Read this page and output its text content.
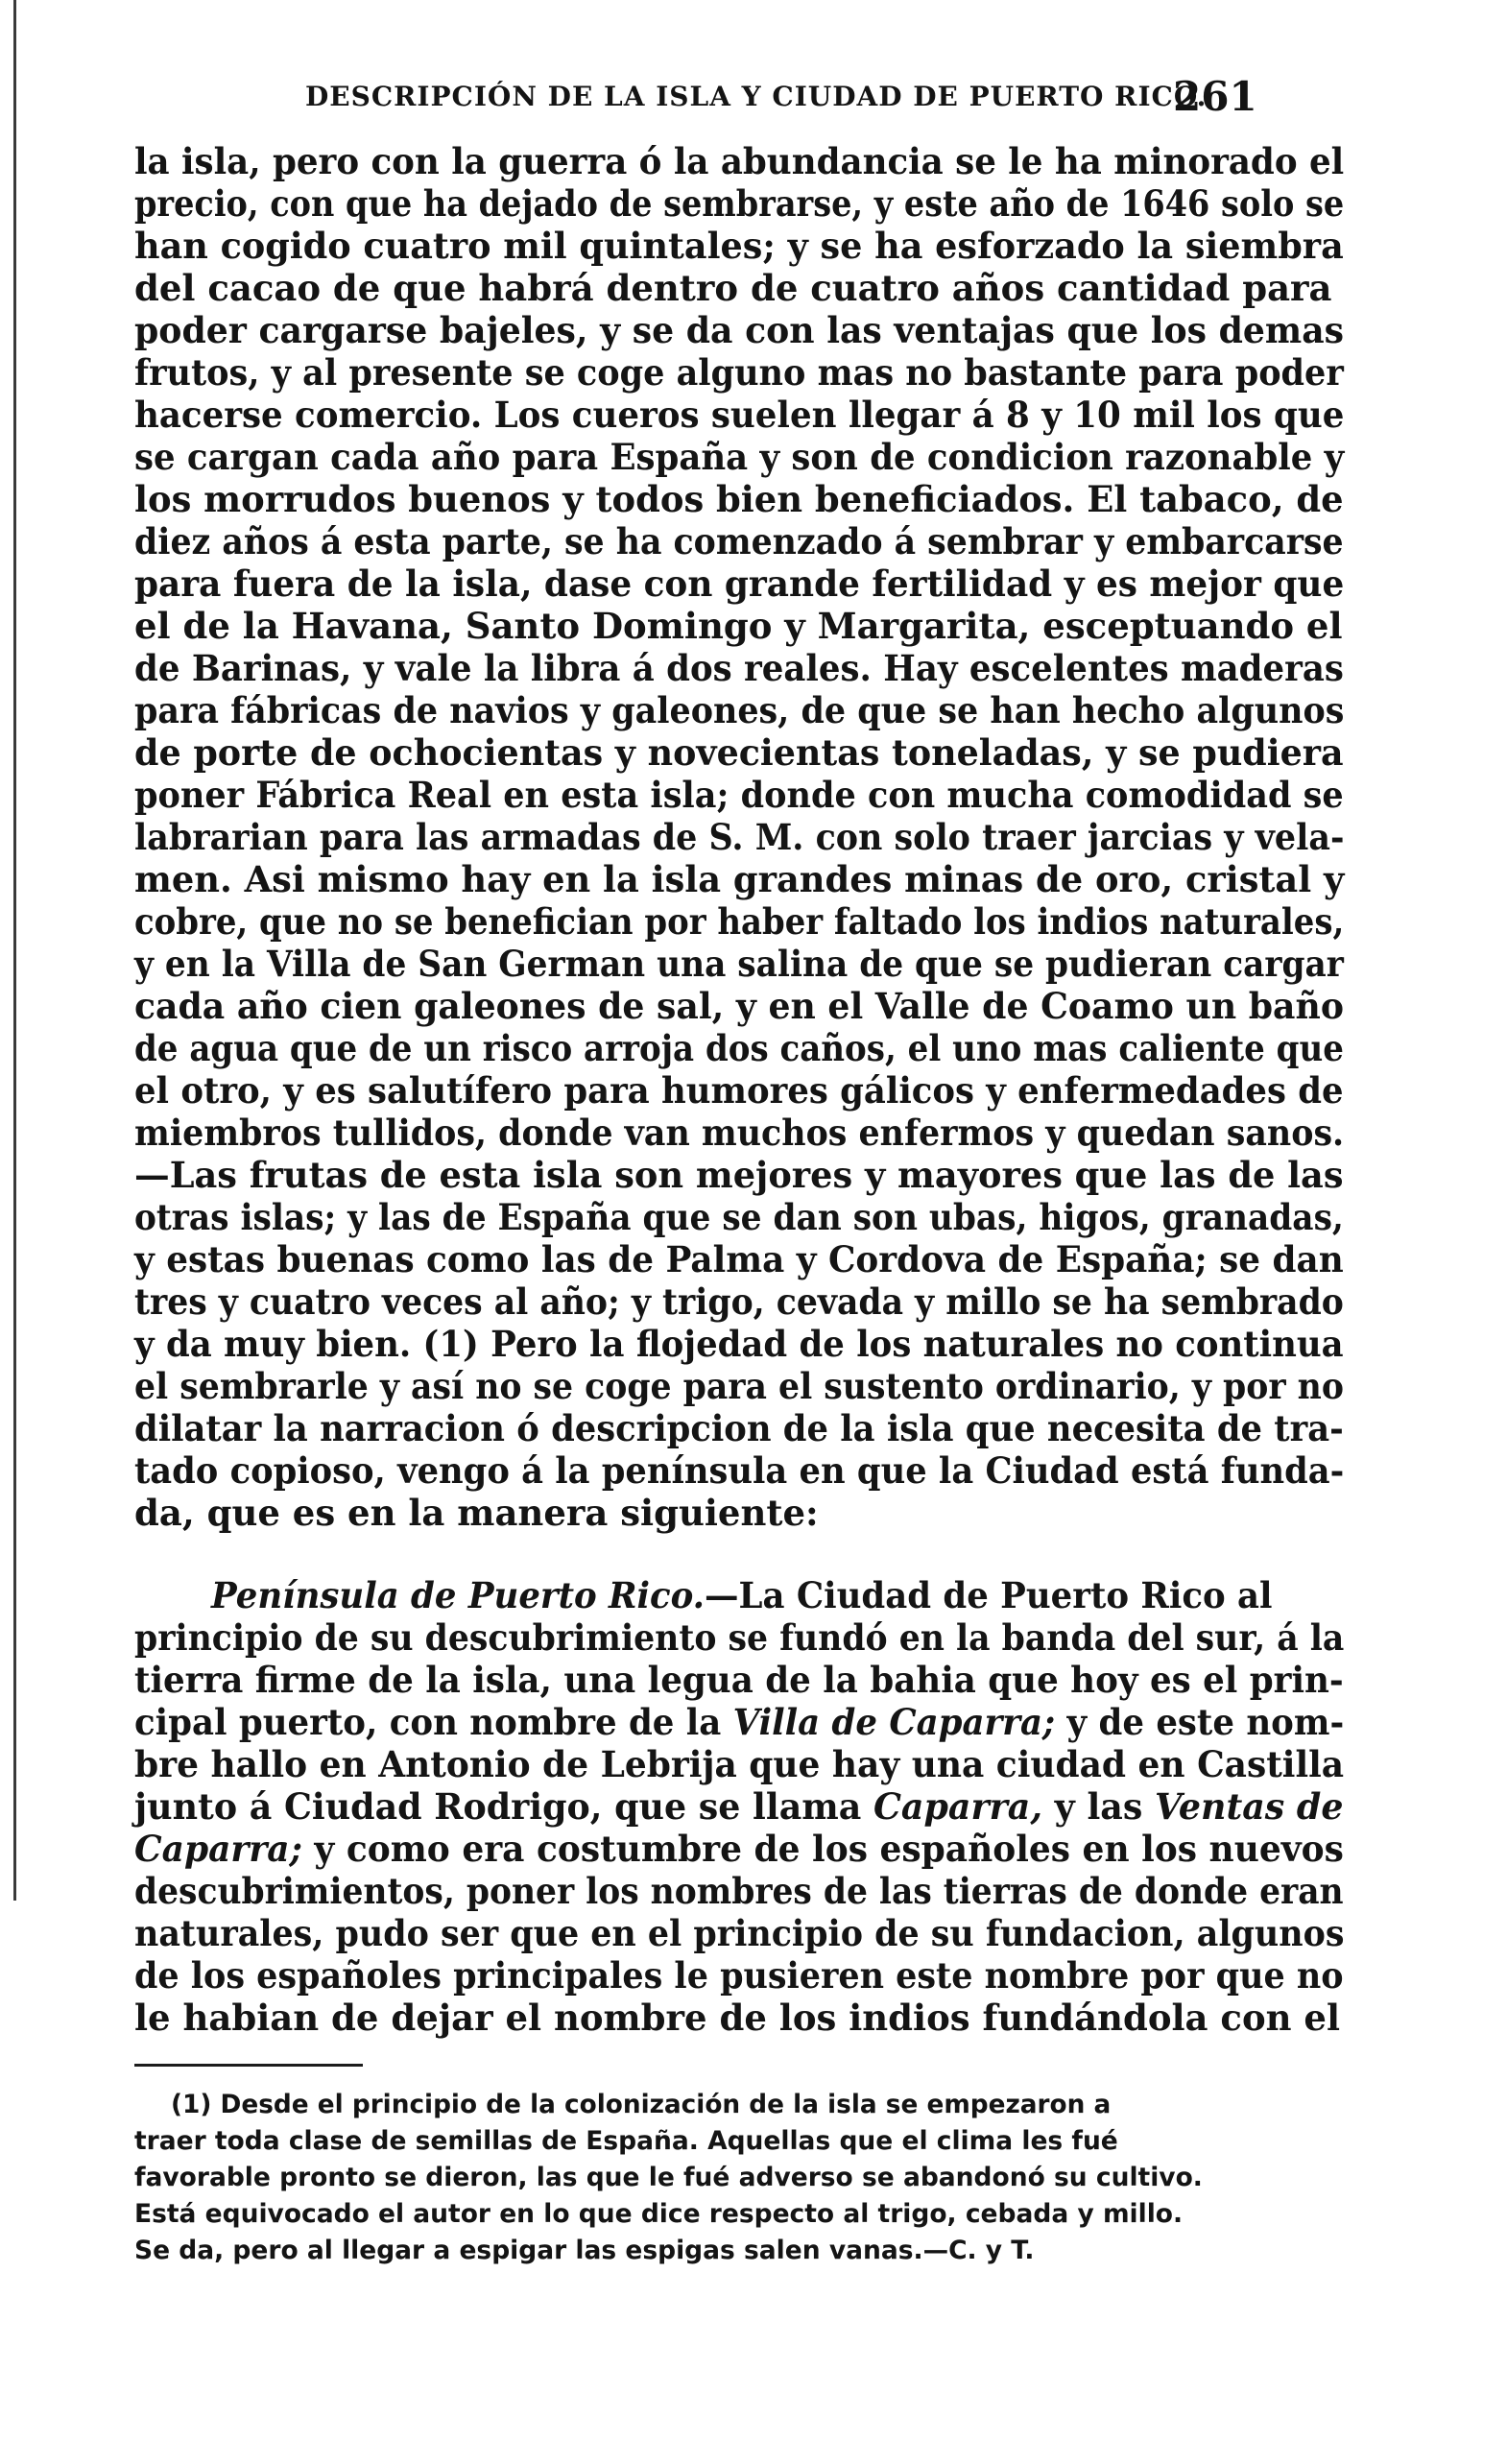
DESCRIPCIÓN DE LA ISLA Y CIUDAD DE PUERTO RICO.
261
la isla, pero con la guerra ó la abundancia se le ha minorado el
precio, con que ha dejado de sembrarse, y este año de 1646 solo se
han cogido cuatro mil quintales; y se ha esforzado la siembra
del cacao de que habrá dentro de cuatro años cantidad para
poder cargarse bajeles, y se da con las ventajas que los demas
frutos, y al presente se coge alguno mas no bastante para poder
hacerse comercio. Los cueros suelen llegar á 8 y 10 mil los que
se cargan cada año para España y son de condicion razonable y
los morrudos buenos y todos bien beneficiados. El tabaco, de
diez años á esta parte, se ha comenzado á sembrar y embarcarse
para fuera de la isla, dase con grande fertilidad y es mejor que
el de la Havana, Santo Domingo y Margarita, esceptuando el
de Barinas, y vale la libra á dos reales. Hay escelentes maderas
para fábricas de navios y galeones, de que se han hecho algunos
de porte de ochocientas y novecientas toneladas, y se pudiera
poner Fábrica Real en esta isla; donde con mucha comodidad se
labrarian para las armadas de S. M. con solo traer jarcias y vela-
men. Asi mismo hay en la isla grandes minas de oro, cristal y
cobre, que no se benefician por haber faltado los indios naturales,
y en la Villa de San German una salina de que se pudieran cargar
cada año cien galeones de sal, y en el Valle de Coamo un baño
de agua que de un risco arroja dos caños, el uno mas caliente que
el otro, y es salutífero para humores gálicos y enfermedades de
miembros tullidos, donde van muchos enfermos y quedan sanos.
—Las frutas de esta isla son mejores y mayores que las de las
otras islas; y las de España que se dan son ubas, higos, granadas,
y estas buenas como las de Palma y Cordova de España; se dan
tres y cuatro veces al año; y trigo, cevada y millo se ha sembrado
y da muy bien. (1) Pero la flojedad de los naturales no continua
el sembrarle y así no se coge para el sustento ordinario, y por no
dilatar la narracion ó descripcion de la isla que necesita de tra-
tado copioso, vengo á la península en que la Ciudad está funda-
da, que es en la manera siguiente:
Península de Puerto Rico.—La Ciudad de Puerto Rico al
principio de su descubrimiento se fundó en la banda del sur, á la
tierra firme de la isla, una legua de la bahia que hoy es el prin-
cipal puerto, con nombre de la Villa de Caparra; y de este nom-
bre hallo en Antonio de Lebrija que hay una ciudad en Castilla
junto á Ciudad Rodrigo, que se llama Caparra, y las Ventas de
Caparra; y como era costumbre de los españoles en los nuevos
descubrimientos, poner los nombres de las tierras de donde eran
naturales, pudo ser que en el principio de su fundacion, algunos
de los españoles principales le pusieren este nombre por que no
le habian de dejar el nombre de los indios fundándola con el
(1) Desde el principio de la colonización de la isla se empezaron a
traer toda clase de semillas de España. Aquellas que el clima les fué
favorable pronto se dieron, las que le fué adverso se abandonó su cultivo.
Está equivocado el autor en lo que dice respecto al trigo, cebada y millo.
Se da, pero al llegar a espigar las espigas salen vanas.—C. y T.
